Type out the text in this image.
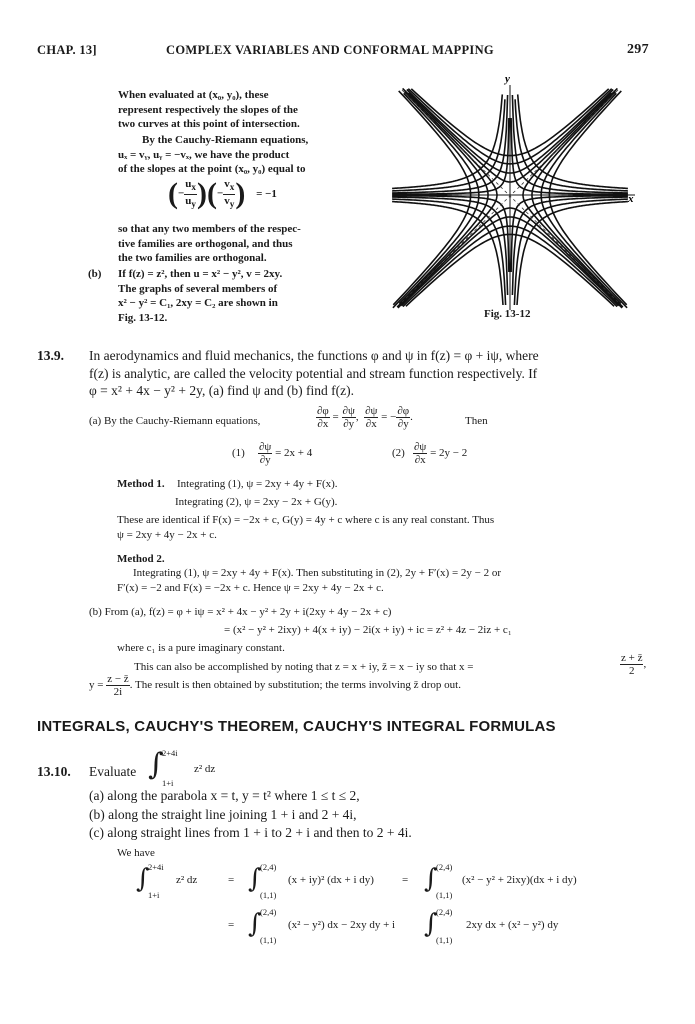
CHAP. 13]	COMPLEX VARIABLES AND CONFORMAL MAPPING	297
When evaluated at (x₀, y₀), these
represent respectively the slopes of the
two curves at this point of intersection.
By the Cauchy-Riemann equations,
uₓ = vᵧ, uᵧ = −vₓ, we have the product
of the slopes at the point (x₀, y₀) equal to
(− $\frac{u_x}{u_y}$ )(− $\frac{v_x}{v_y}$ ) = −1
so that any two members of the respec-
tive families are orthogonal, and thus
the two families are orthogonal.
(b) If f(z) = z², then u = x² − y², v = 2xy.
The graphs of several members of
x² − y² = C₁, 2xy = C₂ are shown in
Fig. 13-12.
y
x
Fig. 13-12
13.9. In aerodynamics and fluid mechanics, the functions φ and ψ in f(z) = φ + iψ, where
f(z) is analytic, are called the velocity potential and stream function respectively. If
φ = x² + 4x − y² + 2y, (a) find ψ and (b) find f(z).
(a) By the Cauchy-Riemann equations,	$\frac{\partial\varphi}{\partial x} = \frac{\partial\psi}{\partial y}$ , $\frac{\partial\psi}{\partial x}$ = − $\frac{\partial\varphi}{\partial y}$ .	Then
$(1) \frac{\partial\psi}{\partial y} = 2x + 4$	$(2) \frac{\partial\psi}{\partial x} = 2y - 2$
Method 1. Integrating (1), ψ = 2xy + 4y + F(x).
Integrating (2), ψ = 2xy − 2x + G(y).
These are identical if F(x) = −2x + c, G(y) = 4y + c where c is any real constant. Thus
ψ = 2xy + 4y − 2x + c.
Method 2.
Integrating (1), ψ = 2xy + 4y + F(x). Then substituting in (2), 2y + F′(x) = 2y − 2 or
F′(x) = −2 and F(x) = −2x + c. Hence ψ = 2xy + 4y − 2x + c.
(b) From (a), f(z) = φ + iψ = x² + 4x − y² + 2y + i(2xy + 4y − 2x + c)
= (x² − y² + 2ixy) + 4(x + iy) − 2i(x + iy) + ic = z² + 4z − 2iz + c₁
where c₁ is a pure imaginary constant.
This can also be accomplished by noting that z = x + iy, z̄ = x − iy so that x =	$\frac{z + z̄}{2}$ ,
$y = \frac{z - z̄}{2i}$ . The result is then obtained by substitution; the terms involving z̄ drop out.
INTEGRALS, CAUCHY'S THEOREM, CAUCHY'S INTEGRAL FORMULAS
13.10. Evaluate ∫
2+4i
1+i
z² dz
(a) along the parabola x = t, y = t² where 1 ≤ t ≤ 2,
(b) along the straight line joining 1 + i and 2 + 4i,
(c) along straight lines from 1 + i to 2 + i and then to 2 + 4i.
We have
∫
2+4i
1+i
z² dz	= ∫
(2,4)
(1,1)
(x + iy)² (dx + i dy)	= ∫
(2,4)
(1,1)
(x² − y² + 2ixy)(dx + i dy)
= ∫
(2,4)
(1,1)
(x² − y²) dx − 2xy dy + i ∫
(2,4)
(1,1)
2xy dx + (x² − y²) dy
